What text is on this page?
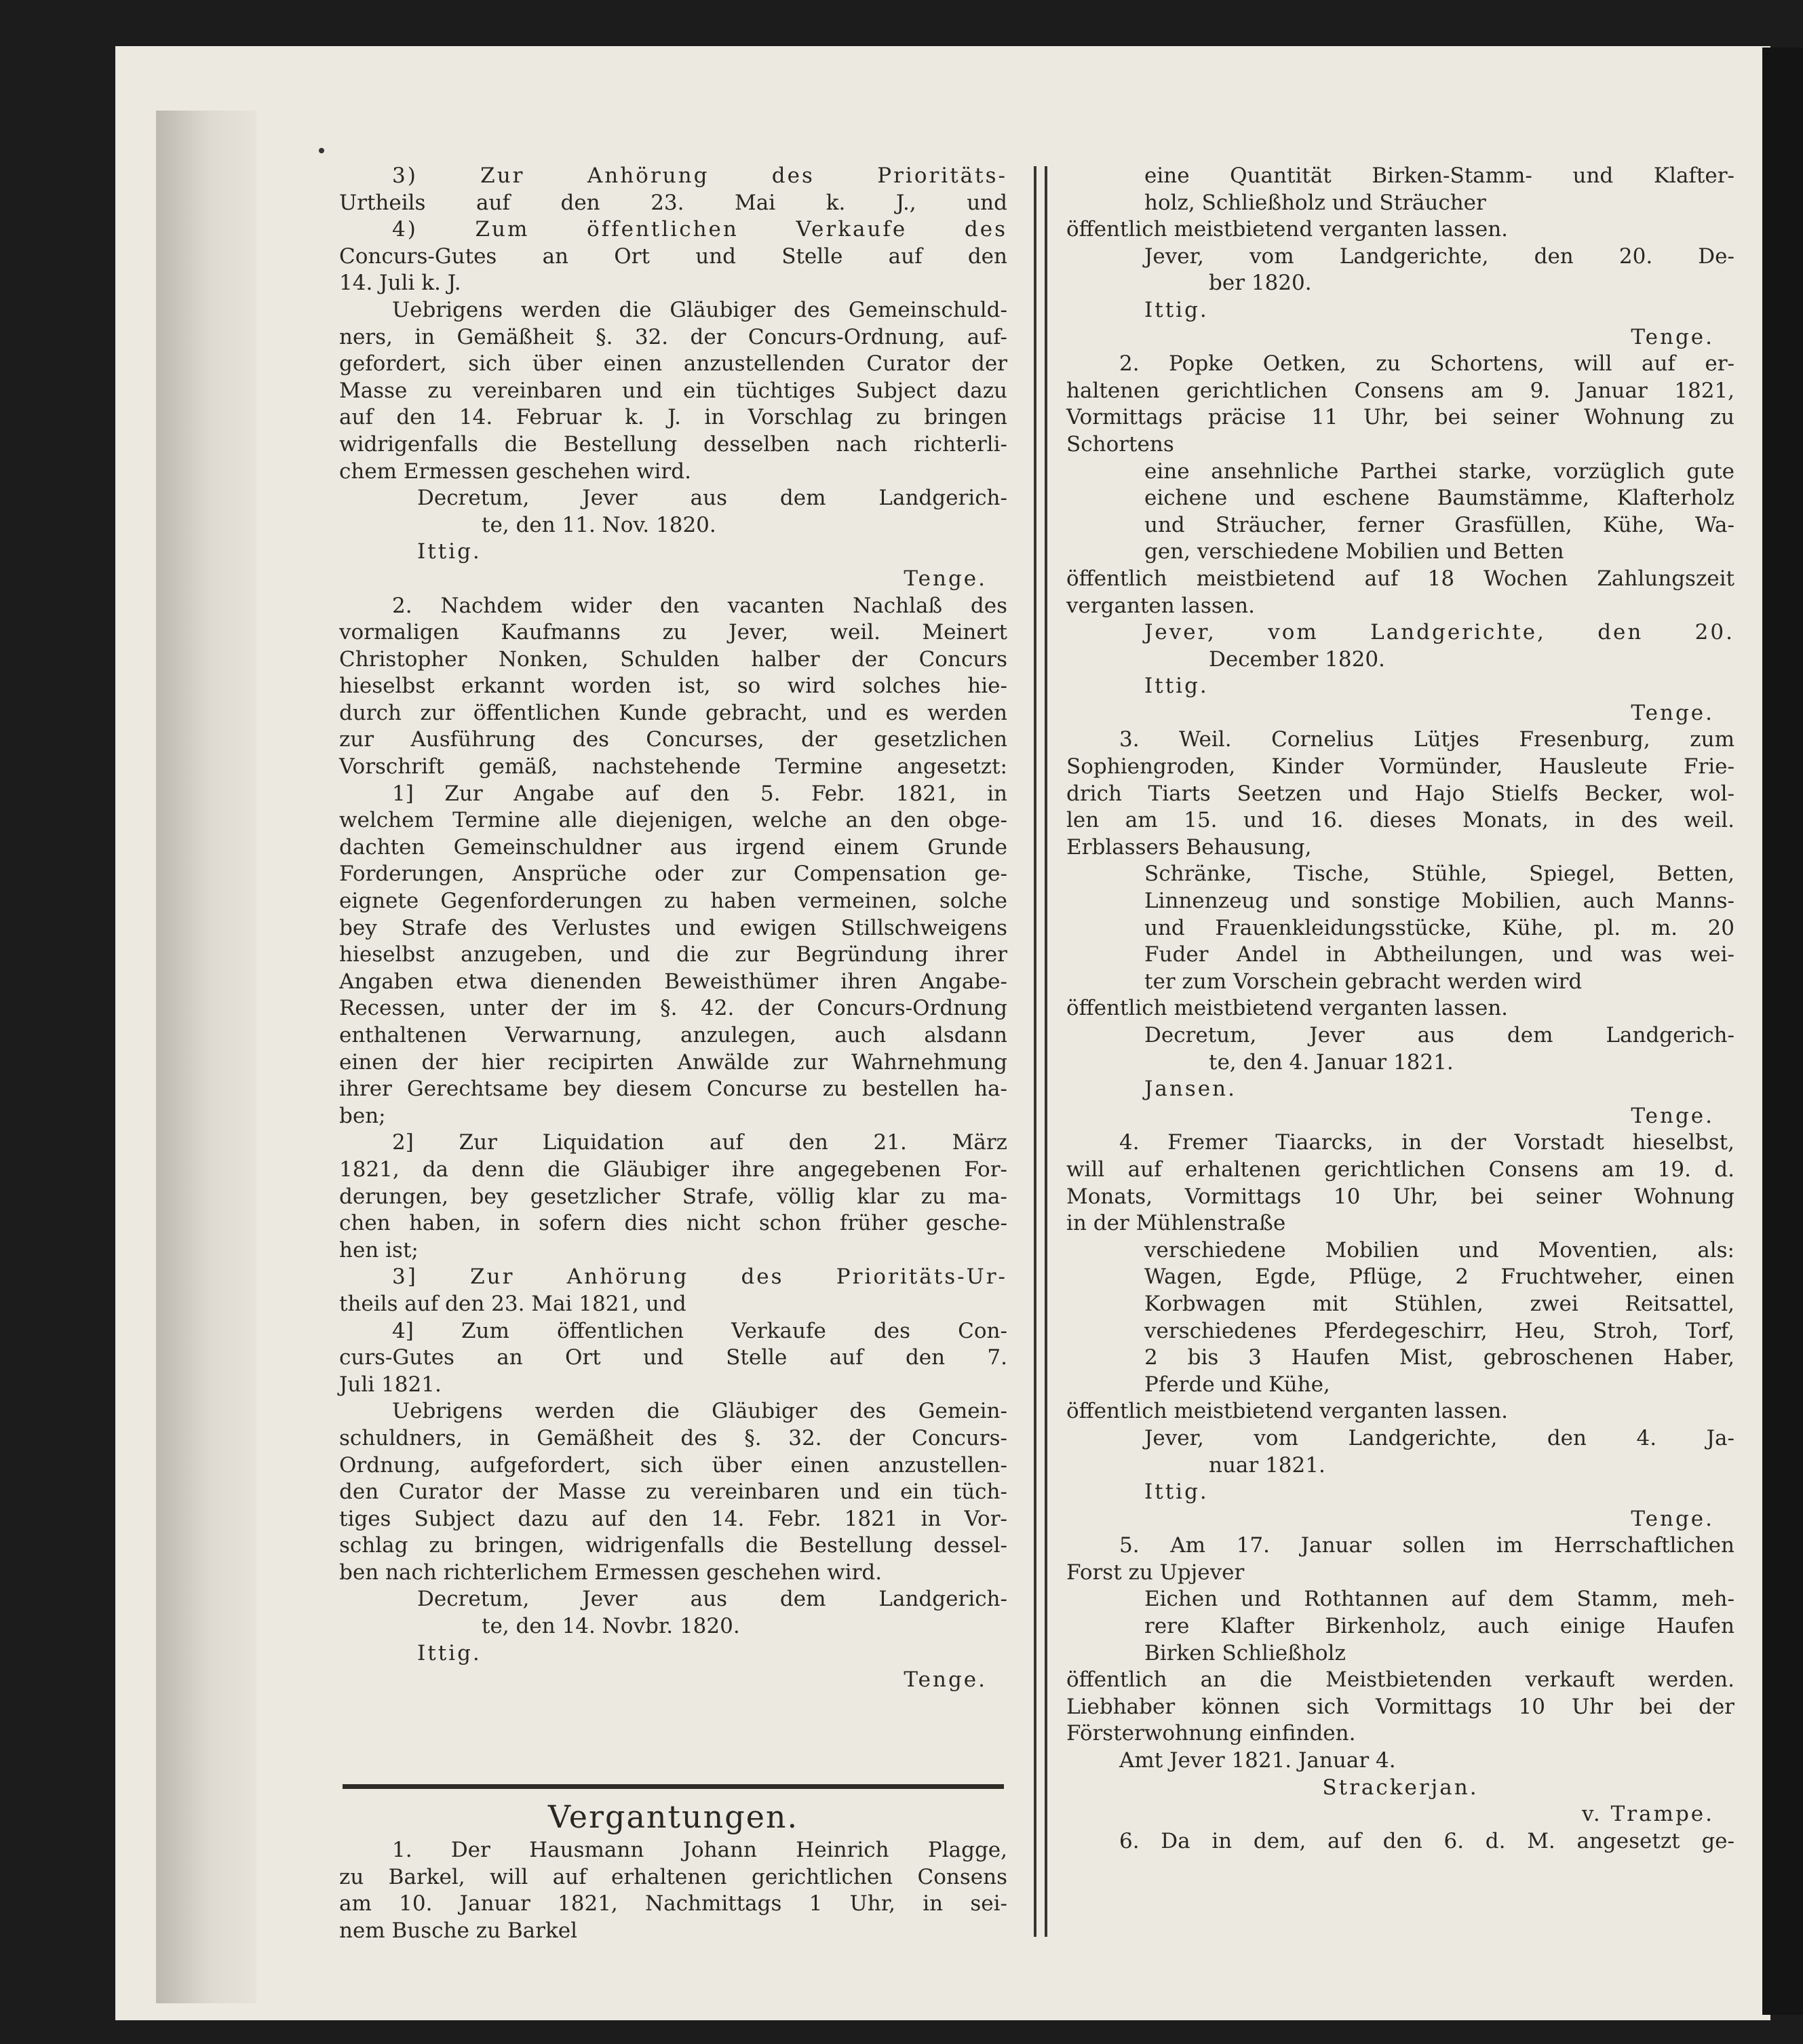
3) Zur Anhörung des Prioritäts-
Urtheils auf den 23. Mai k. J., und
4) Zum öffentlichen Verkaufe des
Concurs-Gutes an Ort und Stelle auf den
14. Juli k. J.
Uebrigens werden die Gläubiger des Gemeinschuld-
ners, in Gemäßheit §. 32. der Concurs-Ordnung, auf-
gefordert, sich über einen anzustellenden Curator der
Masse zu vereinbaren und ein tüchtiges Subject dazu
auf den 14. Februar k. J. in Vorschlag zu bringen
widrigenfalls die Bestellung desselben nach richterli-
chem Ermessen geschehen wird.
Decretum, Jever aus dem Landgerich-
te, den 11. Nov. 1820.
Ittig.
Tenge.
2. Nachdem wider den vacanten Nachlaß des
vormaligen Kaufmanns zu Jever, weil. Meinert
Christopher Nonken, Schulden halber der Concurs
hieselbst erkannt worden ist, so wird solches hie-
durch zur öffentlichen Kunde gebracht, und es werden
zur Ausführung des Concurses, der gesetzlichen
Vorschrift gemäß, nachstehende Termine angesetzt:
1] Zur Angabe auf den 5. Febr. 1821, in
welchem Termine alle diejenigen, welche an den obge-
dachten Gemeinschuldner aus irgend einem Grunde
Forderungen, Ansprüche oder zur Compensation ge-
eignete Gegenforderungen zu haben vermeinen, solche
bey Strafe des Verlustes und ewigen Stillschweigens
hieselbst anzugeben, und die zur Begründung ihrer
Angaben etwa dienenden Beweisthümer ihren Angabe-
Recessen, unter der im §. 42. der Concurs-Ordnung
enthaltenen Verwarnung, anzulegen, auch alsdann
einen der hier recipirten Anwälde zur Wahrnehmung
ihrer Gerechtsame bey diesem Concurse zu bestellen ha-
ben;
2] Zur Liquidation auf den 21. März
1821, da denn die Gläubiger ihre angegebenen For-
derungen, bey gesetzlicher Strafe, völlig klar zu ma-
chen haben, in sofern dies nicht schon früher gesche-
hen ist;
3] Zur Anhörung des Prioritäts-Ur-
theils auf den 23. Mai 1821, und
4] Zum öffentlichen Verkaufe des Con-
curs-Gutes an Ort und Stelle auf den 7.
Juli 1821.
Uebrigens werden die Gläubiger des Gemein-
schuldners, in Gemäßheit des §. 32. der Concurs-
Ordnung, aufgefordert, sich über einen anzustellen-
den Curator der Masse zu vereinbaren und ein tüch-
tiges Subject dazu auf den 14. Febr. 1821 in Vor-
schlag zu bringen, widrigenfalls die Bestellung dessel-
ben nach richterlichem Ermessen geschehen wird.
Decretum, Jever aus dem Landgerich-
te, den 14. Novbr. 1820.
Ittig.
Tenge.
Vergantungen.
1. Der Hausmann Johann Heinrich Plagge,
zu Barkel, will auf erhaltenen gerichtlichen Consens
am 10. Januar 1821, Nachmittags 1 Uhr, in sei-
nem Busche zu Barkel
eine Quantität Birken-Stamm- und Klafter-
holz, Schließholz und Sträucher
öffentlich meistbietend verganten lassen.
Jever, vom Landgerichte, den 20. De-
ber 1820.
Ittig.
Tenge.
2. Popke Oetken, zu Schortens, will auf er-
haltenen gerichtlichen Consens am 9. Januar 1821,
Vormittags präcise 11 Uhr, bei seiner Wohnung zu
Schortens
eine ansehnliche Parthei starke, vorzüglich gute
eichene und eschene Baumstämme, Klafterholz
und Sträucher, ferner Grasfüllen, Kühe, Wa-
gen, verschiedene Mobilien und Betten
öffentlich meistbietend auf 18 Wochen Zahlungszeit
verganten lassen.
Jever, vom Landgerichte, den 20.
December 1820.
Ittig.
Tenge.
3. Weil. Cornelius Lütjes Fresenburg, zum
Sophiengroden, Kinder Vormünder, Hausleute Frie-
drich Tiarts Seetzen und Hajo Stielfs Becker, wol-
len am 15. und 16. dieses Monats, in des weil.
Erblassers Behausung,
Schränke, Tische, Stühle, Spiegel, Betten,
Linnenzeug und sonstige Mobilien, auch Manns-
und Frauenkleidungsstücke, Kühe, pl. m. 20
Fuder Andel in Abtheilungen, und was wei-
ter zum Vorschein gebracht werden wird
öffentlich meistbietend verganten lassen.
Decretum, Jever aus dem Landgerich-
te, den 4. Januar 1821.
Jansen.
Tenge.
4. Fremer Tiaarcks, in der Vorstadt hieselbst,
will auf erhaltenen gerichtlichen Consens am 19. d.
Monats, Vormittags 10 Uhr, bei seiner Wohnung
in der Mühlenstraße
verschiedene Mobilien und Moventien, als:
Wagen, Egde, Pflüge, 2 Fruchtweher, einen
Korbwagen mit Stühlen, zwei Reitsattel,
verschiedenes Pferdegeschirr, Heu, Stroh, Torf,
2 bis 3 Haufen Mist, gebroschenen Haber,
Pferde und Kühe,
öffentlich meistbietend verganten lassen.
Jever, vom Landgerichte, den 4. Ja-
nuar 1821.
Ittig.
Tenge.
5. Am 17. Januar sollen im Herrschaftlichen
Forst zu Upjever
Eichen und Rothtannen auf dem Stamm, meh-
rere Klafter Birkenholz, auch einige Haufen
Birken Schließholz
öffentlich an die Meistbietenden verkauft werden.
Liebhaber können sich Vormittags 10 Uhr bei der
Försterwohnung einfinden.
Amt Jever 1821. Januar 4.
Strackerjan.
v. Trampe.
6. Da in dem, auf den 6. d. M. angesetzt ge-
